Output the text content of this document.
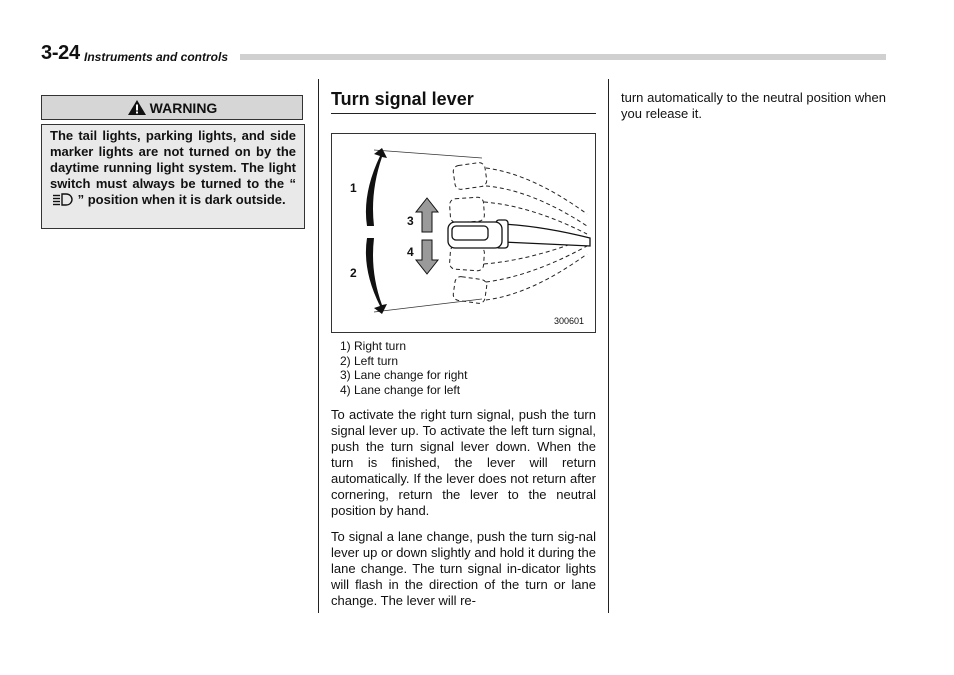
3-24 Instruments and controls
WARNING
The tail lights, parking lights, and side marker lights are not turned on by the daytime running light system. The light switch must always be turned to the “  ” position when it is dark outside.
Turn signal lever
1
2
3
4
300601
1) Right turn
2) Left turn
3) Lane change for right
4) Lane change for left
To activate the right turn signal, push the turn signal lever up. To activate the left turn signal, push the turn signal lever down. When the turn is finished, the lever will return automatically. If the lever does not return after cornering, return the lever to the neutral position by hand.
To signal a lane change, push the turn sig-nal lever up or down slightly and hold it during the lane change. The turn signal in-dicator lights will flash in the direction of the turn or lane change. The lever will re-
turn automatically to the neutral position when you release it.
